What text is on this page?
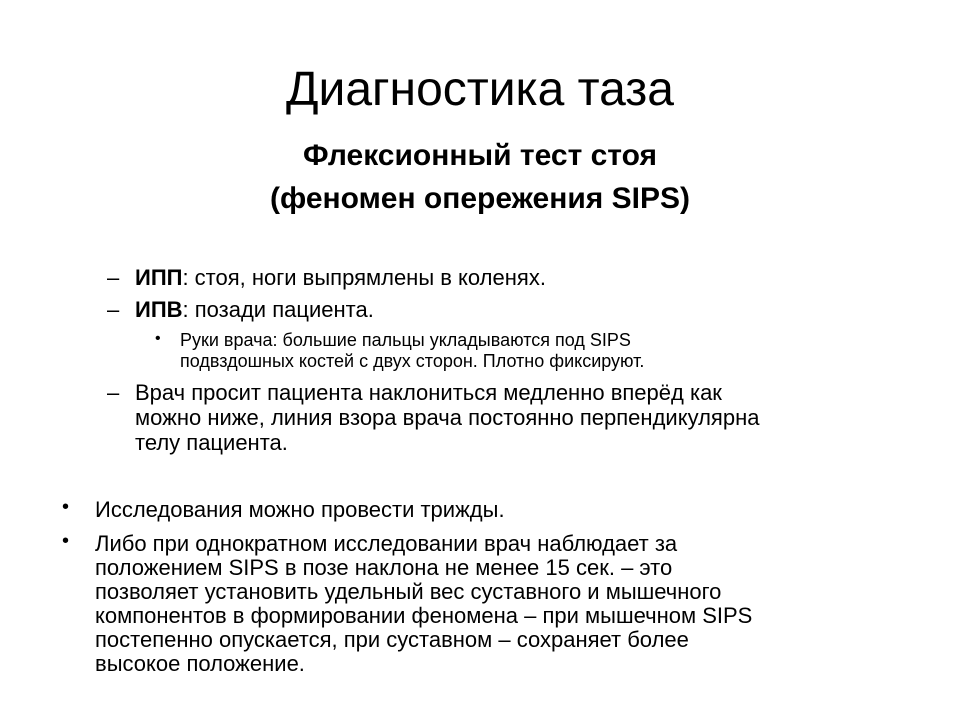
Диагностика таза
Флексионный тест стоя
(феномен опережения SIPS)
– ИПП: стоя, ноги выпрямлены в коленях.
– ИПВ: позади пациента.
• Руки врача: большие пальцы укладываются под SIPS
подвздошных костей с двух сторон. Плотно фиксируют.
– Врач просит пациента наклониться медленно вперёд как
можно ниже, линия взора врача постоянно перпендикулярна
телу пациента.
• Исследования можно провести трижды.
• Либо при однократном исследовании врач наблюдает за
положением SIPS в позе наклона не менее 15 сек. – это
позволяет установить удельный вес суставного и мышечного
компонентов в формировании феномена – при мышечном SIPS
постепенно опускается, при суставном – сохраняет более
высокое положение.
